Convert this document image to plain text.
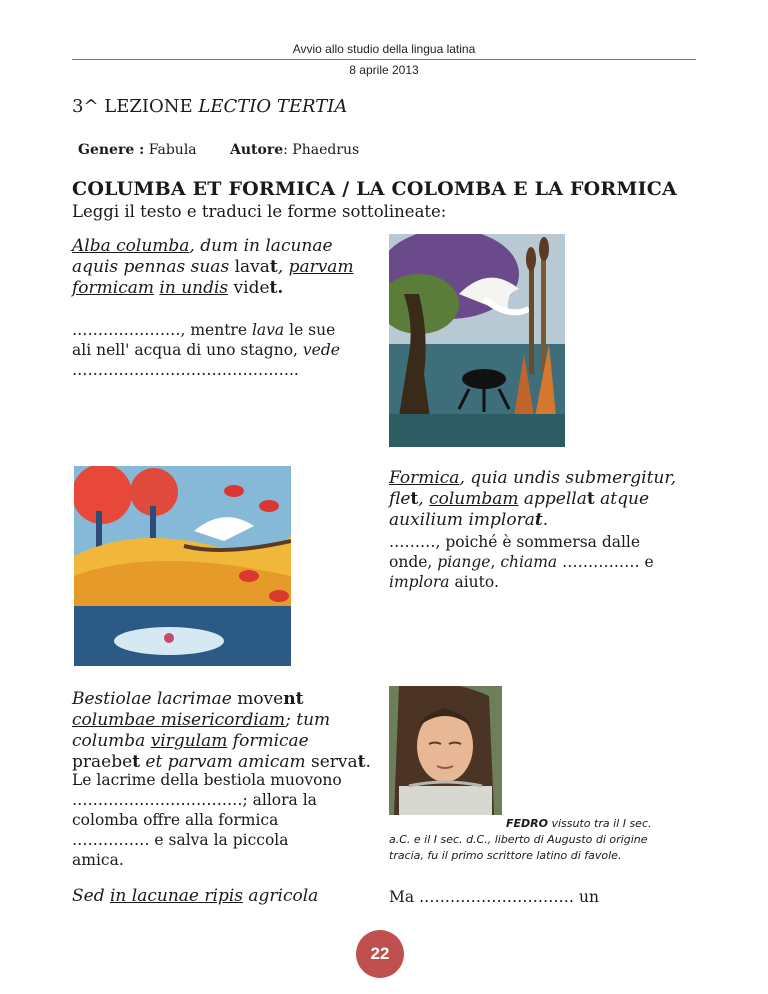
Avvio allo studio della lingua latina
8 aprile 2013
3^ LEZIONE LECTIO TERTIA
Genere : Fabula Autore: Phaedrus
COLUMBA ET FORMICA / LA COLOMBA E LA FORMICA
Leggi il testo e traduci le forme sottolineate:
Alba columba, dum in lacunae
aquis pennas suas lavat, parvam
formicam in undis videt.
…………………, mentre lava le sue
ali nell' acqua di uno stagno, vede
……………………………………..
Formica, quia undis submergitur,
flet, columbam appellat atque
auxilium implorat.
………, poiché è sommersa dalle
onde, piange, chiama …………… e
implora aiuto.
Bestiolae lacrimae movent
columbae misericordiam; tum
columba virgulam formicae
praebet et parvam amicam servat.
Le lacrime della bestiola muovono
……………………………; allora la
colomba offre alla formica
…………… e salva la piccola
amica.
FEDRO vissuto tra il I sec.
a.C. e il I sec. d.C., liberto di Augusto di origine
tracia, fu il primo scrittore latino di favole.
Sed in lacunae ripis agricola	Ma ………………………… un
22
